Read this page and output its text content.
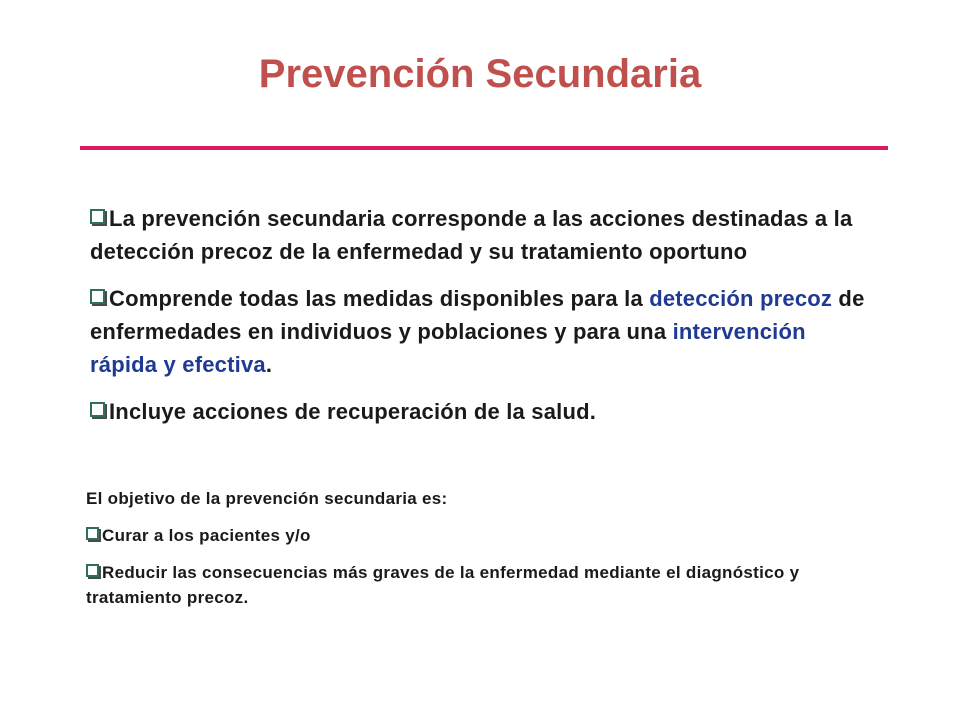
Prevención Secundaria

La prevención secundaria corresponde a las acciones destinadas a la detección precoz de la enfermedad y su tratamiento oportuno

Comprende todas las medidas disponibles para la detección precoz de enfermedades en individuos y poblaciones y para una intervención rápida y efectiva.

Incluye acciones de recuperación de la salud.

El objetivo de la prevención secundaria es:

Curar a los pacientes y/o

Reducir las consecuencias más graves de la enfermedad mediante el diagnóstico y tratamiento precoz.
